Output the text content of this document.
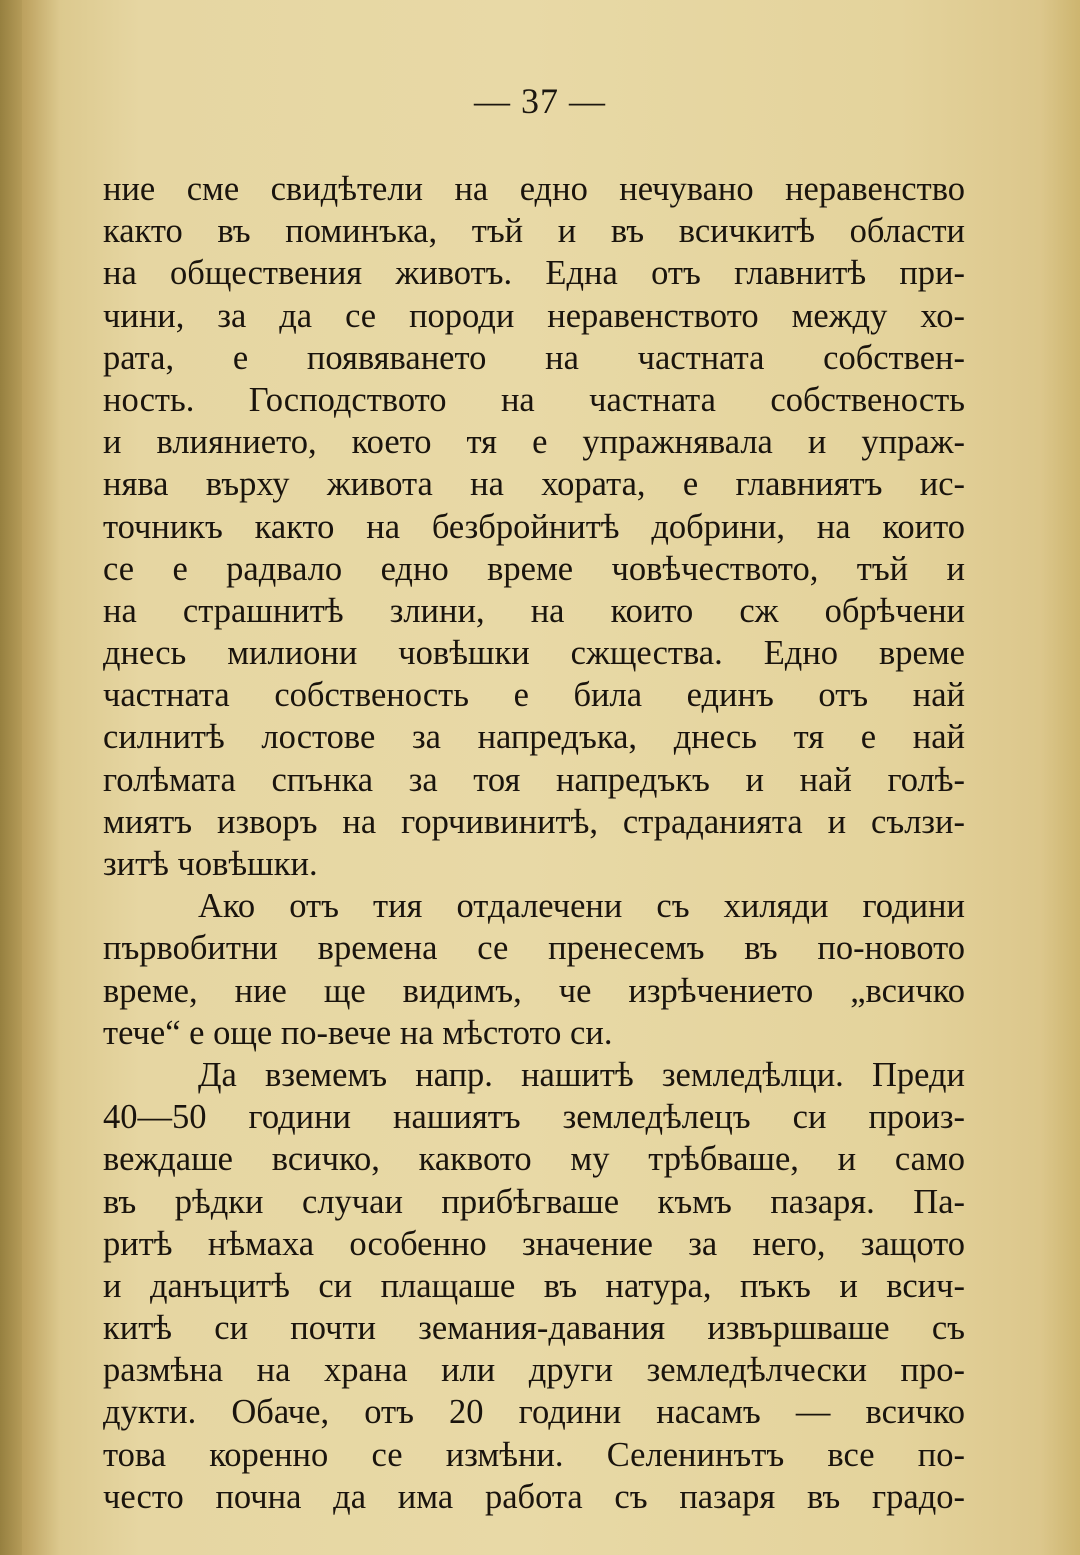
— 37 —
ние сме свидѣтели на едно нечувано неравенство
както въ поминъка, тъй и въ всичкитѣ области
на обществения животъ. Една отъ главнитѣ при-
чини, за да се породи неравенството между хо-
рата, е появяването на частната собствен-
ность. Господството на частната собственость
и влиянието, което тя е упражнявала и упраж-
нява върху живота на хората, е главниятъ ис-
точникъ както на безбройнитѣ добрини, на които
се е радвало едно време човѣчеството, тъй и
на страшнитѣ злини, на които сж обрѣчени
днесь милиони човѣшки сжщества. Едно време
частната собственость е била единъ отъ най
силнитѣ лостове за напредъка, днесь тя е най
голѣмата спънка за тоя напредъкъ и най голѣ-
миятъ изворъ на горчивинитѣ, страданията и сълзи-
зитѣ човѣшки.
Ако отъ тия отдалечени съ хиляди години
първобитни времена се пренесемъ въ по-новото
време, ние ще видимъ, че изрѣчението „всичко
тече“ е още по-вече на мѣстото си.
Да вземемъ напр. нашитѣ земледѣлци. Преди
40—50 години нашиятъ земледѣлецъ си произ-
веждаше всичко, каквото му трѣбваше, и само
въ рѣдки случаи прибѣгваше къмъ пазаря. Па-
ритѣ нѣмаха особенно значение за него, защото
и данъцитѣ си плащаше въ натура, пъкъ и всич-
китѣ си почти земания-давания извършваше съ
размѣна на храна или други земледѣлчески про-
дукти. Обаче, отъ 20 години насамъ — всичко
това коренно се измѣни. Селенинътъ все по-
често почна да има работа съ пазаря въ градо-
